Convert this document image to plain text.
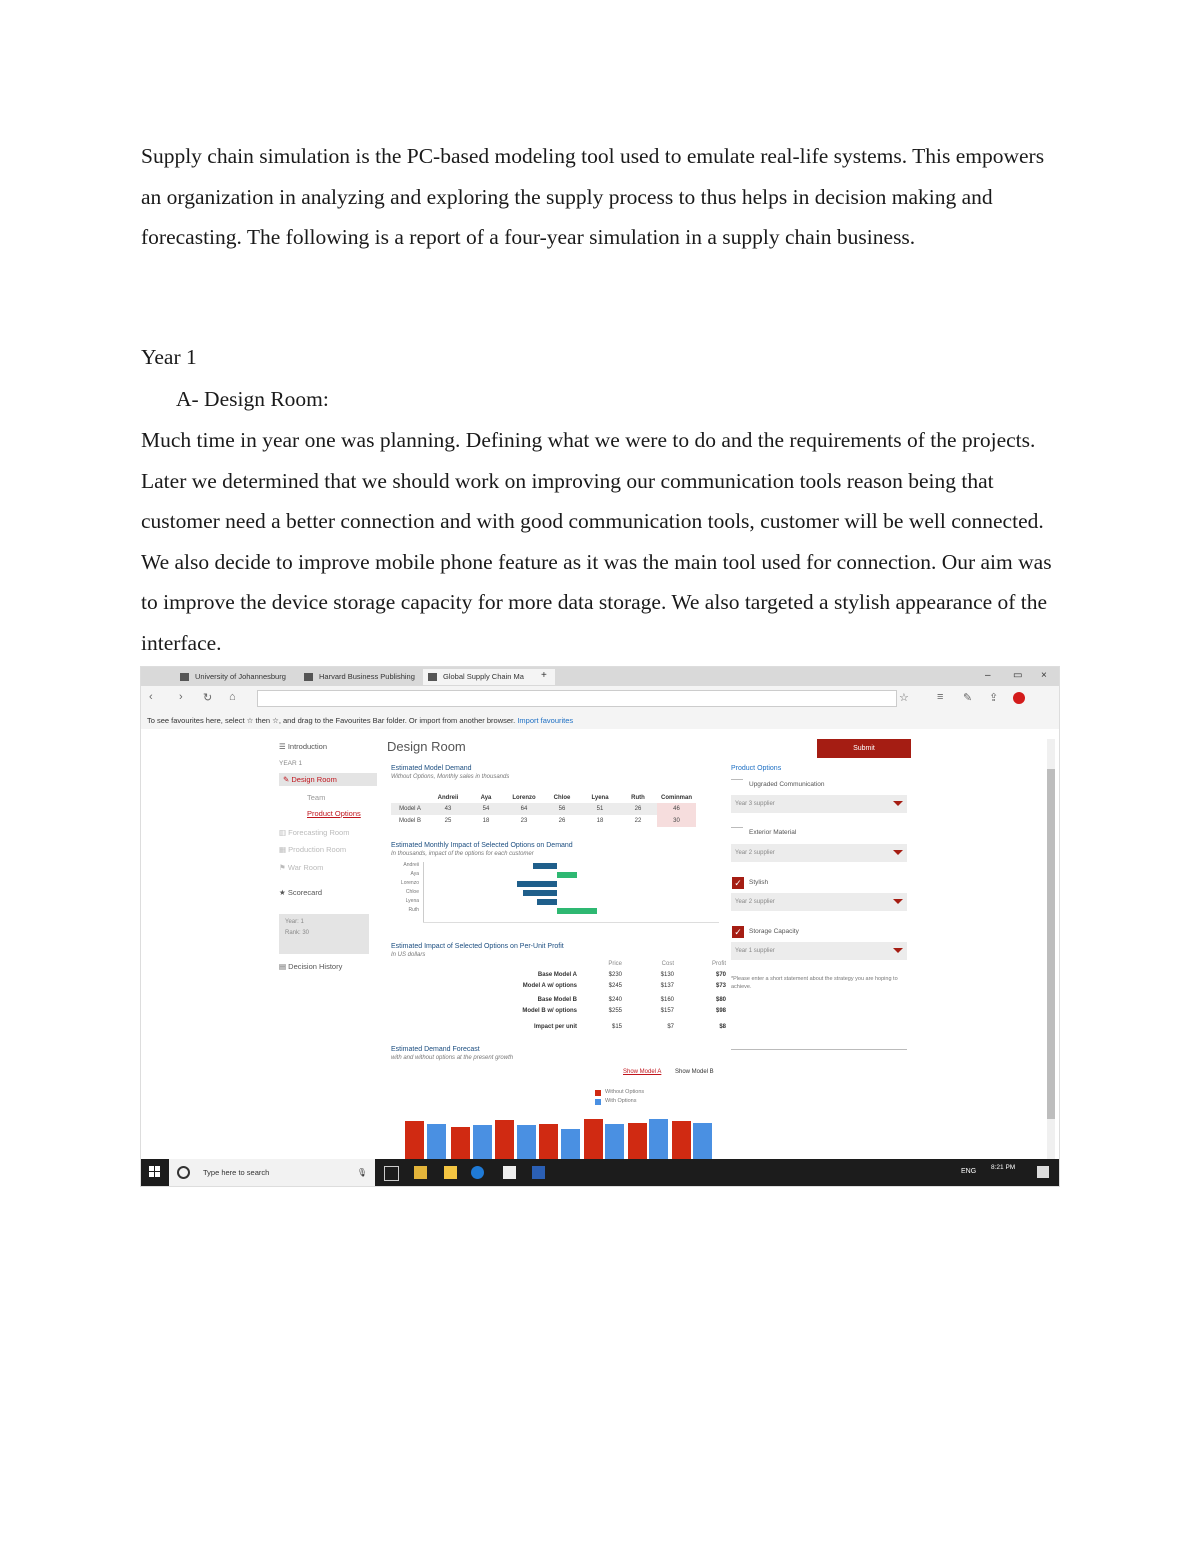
Supply chain simulation is the PC-based modeling tool used to emulate real-life systems. This empowers an organization in analyzing and exploring the supply process to thus helps in decision making and forecasting. The following is a report of a four-year simulation in a supply chain business.

Year 1

A- Design Room:

Much time in year one was planning. Defining what we were to do and the requirements of the projects. Later we determined that we should work on improving our communication tools reason being that customer need a better connection and with good communication tools, customer will be well connected. We also decide to improve mobile phone feature as it was the main tool used for connection. Our aim was to improve the device storage capacity for more data storage. We also targeted a stylish appearance of the interface.

University of Johannesburg	Harvard Business Publishing	Global Supply Chain Ma	+	– ▭ ×
‹ › ↻ ⌂	☆	≡ ✎ ⇪
To see favourites here, select ☆ then ☆, and drag to the Favourites Bar folder. Or import from another browser. Import favourites
☰ Introduction
YEAR 1
✎ Design Room
Team
Product Options
▥ Forecasting Room
▦ Production Room
⚑ War Room
★ Scorecard
Year: 1
Rank: 30
▤ Decision History
Design Room
Estimated Model Demand
Without Options, Monthly sales in thousands
	Andreii	Aya	Lorenzo	Chloe	Lyena	Ruth	Cominman
Model A	43	54	64	56	51	26	46
Model B	25	18	23	26	18	22	30
Estimated Monthly Impact of Selected Options on Demand
In thousands, impact of the options for each customer
Andreii
Aya
Lorenzo
Chloe
Lyena
Ruth
Estimated Impact of Selected Options on Per-Unit Profit
In US dollars
Price	Cost	Profit
Base Model A	$230	$130	$70
Model A w/ options	$245	$137	$73
Base Model B	$240	$160	$80
Model B w/ options	$255	$157	$98
Impact per unit	$15	$7	$8
Estimated Demand Forecast
with and without options at the present growth
Show Model A Show Model B
Without Options
With Options
Submit
Product Options
Upgraded Communication
Year 3 supplier
Exterior Material
Year 2 supplier
✓	Stylish
Year 2 supplier
✓	Storage Capacity
Year 1 supplier
*Please enter a short statement about the strategy you are hoping to achieve.
Type here to search	🎙	ENG
8:21 PM
